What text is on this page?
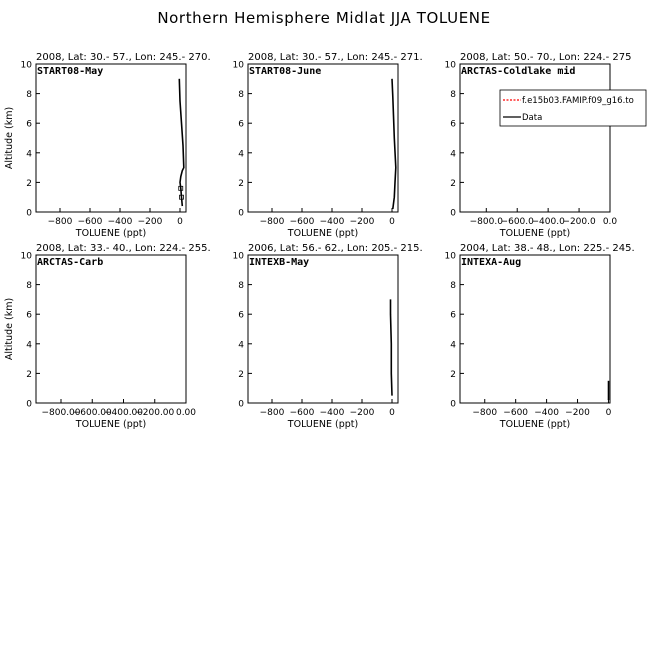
Northern Hemisphere Midlat JJA TOLUENE
2008, Lat: 30.- 57., Lon: 245.- 270.
0
2
4
6
8
10
−800 −600 −400 −200 0
TOLUENE (ppt)
Altitude (km)
START08-May
2008, Lat: 30.- 57., Lon: 245.- 271.
0
2
4
6
8
10
−800 −600 −400 −200 0
TOLUENE (ppt)
START08-June
2008, Lat: 50.- 70., Lon: 224.- 275
0
2
4
6
8
10
−800.0
−600.0
−400.0
−200.0 0.0
TOLUENE (ppt)
ARCTAS-Coldlake mid
f.e15b03.FAMIP.f09_g16.to
Data
2008, Lat: 33.- 40., Lon: 224.- 255.
0
2
4
6
8
10
−800.00
−600.00
−400.00
−200.00 0.00
TOLUENE (ppt)
Altitude (km)
ARCTAS-Carb
2006, Lat: 56.- 62., Lon: 205.- 215.
0
2
4
6
8
10
−800 −600 −400 −200 0
TOLUENE (ppt)
INTEXB-May
2004, Lat: 38.- 48., Lon: 225.- 245.
0
2
4
6
8
10
−800 −600 −400 −200 0
TOLUENE (ppt)
INTEXA-Aug
